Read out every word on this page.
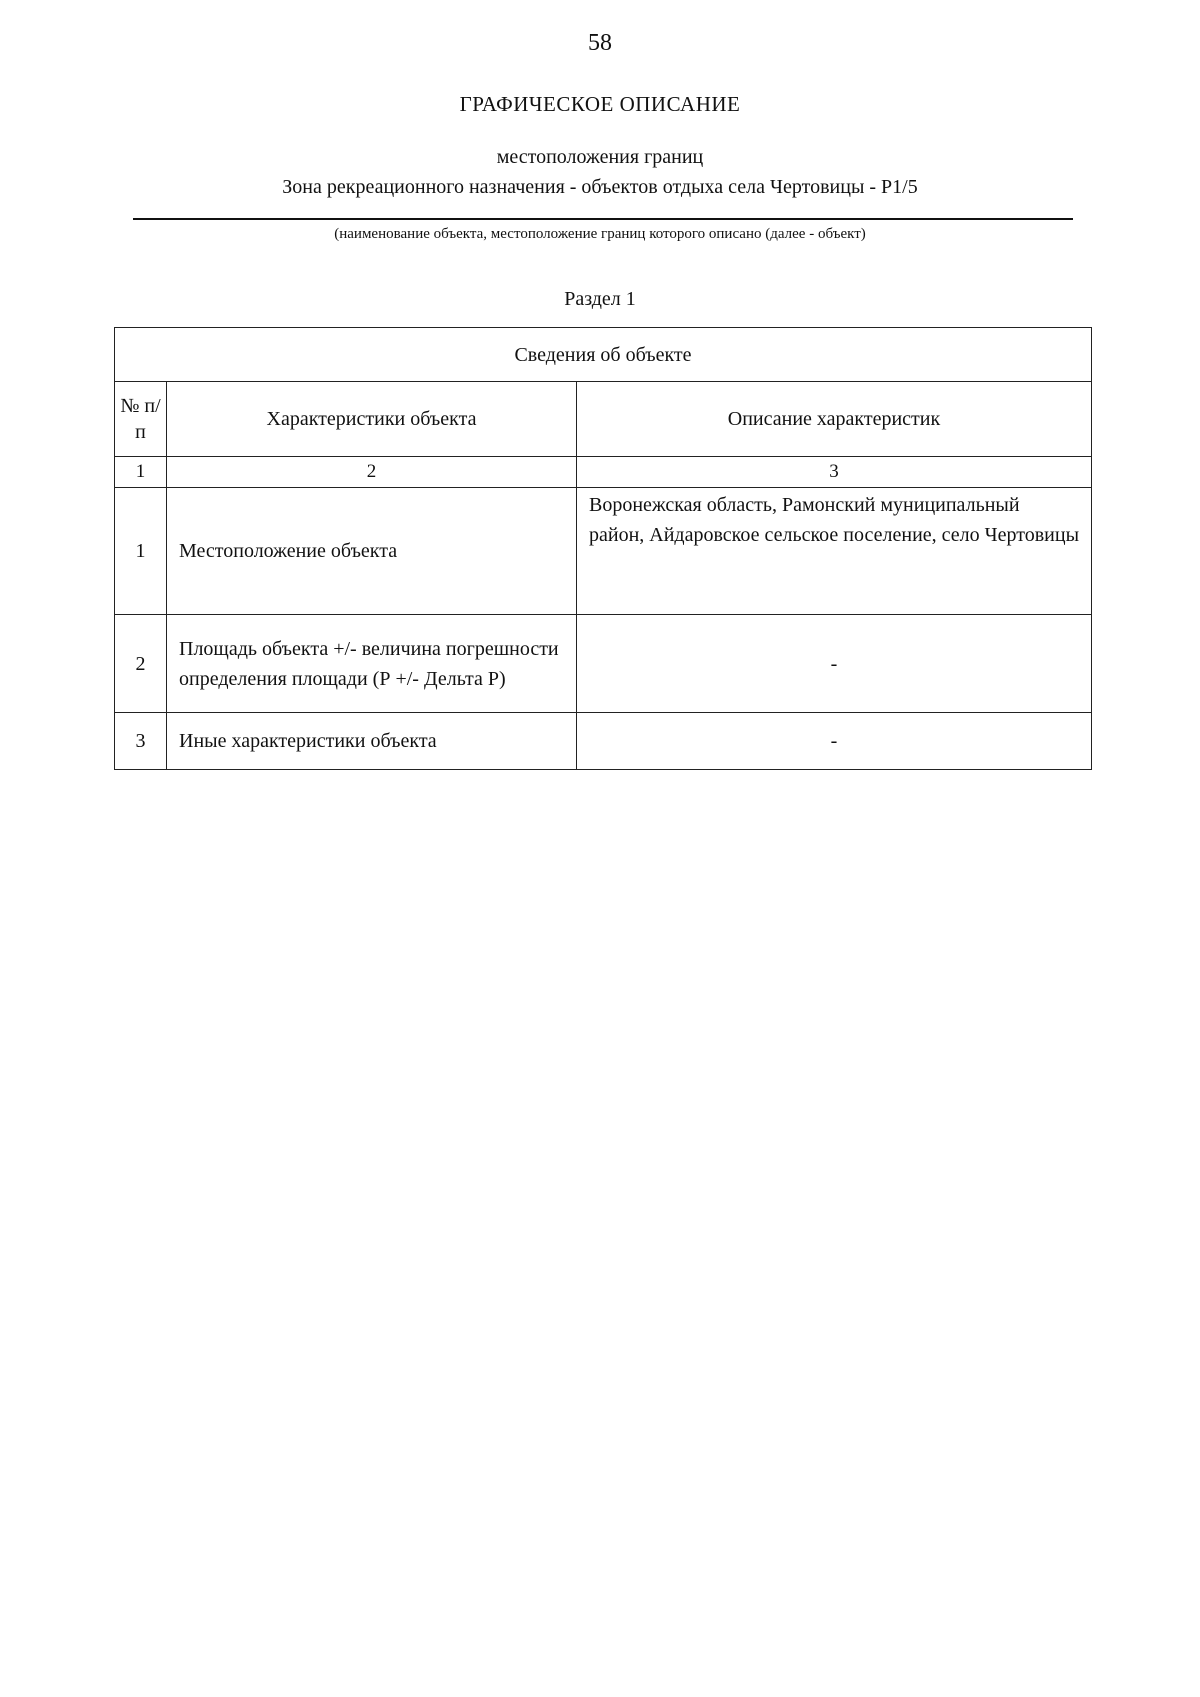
58
ГРАФИЧЕСКОЕ ОПИСАНИЕ
местоположения границ
Зона рекреационного назначения - объектов отдыха села Чертовицы - Р1/5
(наименование объекта, местоположение границ которого описано (далее - объект)
Раздел 1
Сведения об объекте		
№ п/п	Характеристики объекта	Описание характеристик
1	2	3
1	Местоположение объекта	Воронежская область, Рамонский муниципальный район, Айдаровское сельское поселение, село Чертовицы
2	Площадь объекта +/- величина погрешности определения площади (Р +/- Дельта Р)	-
3	Иные характеристики объекта	-
